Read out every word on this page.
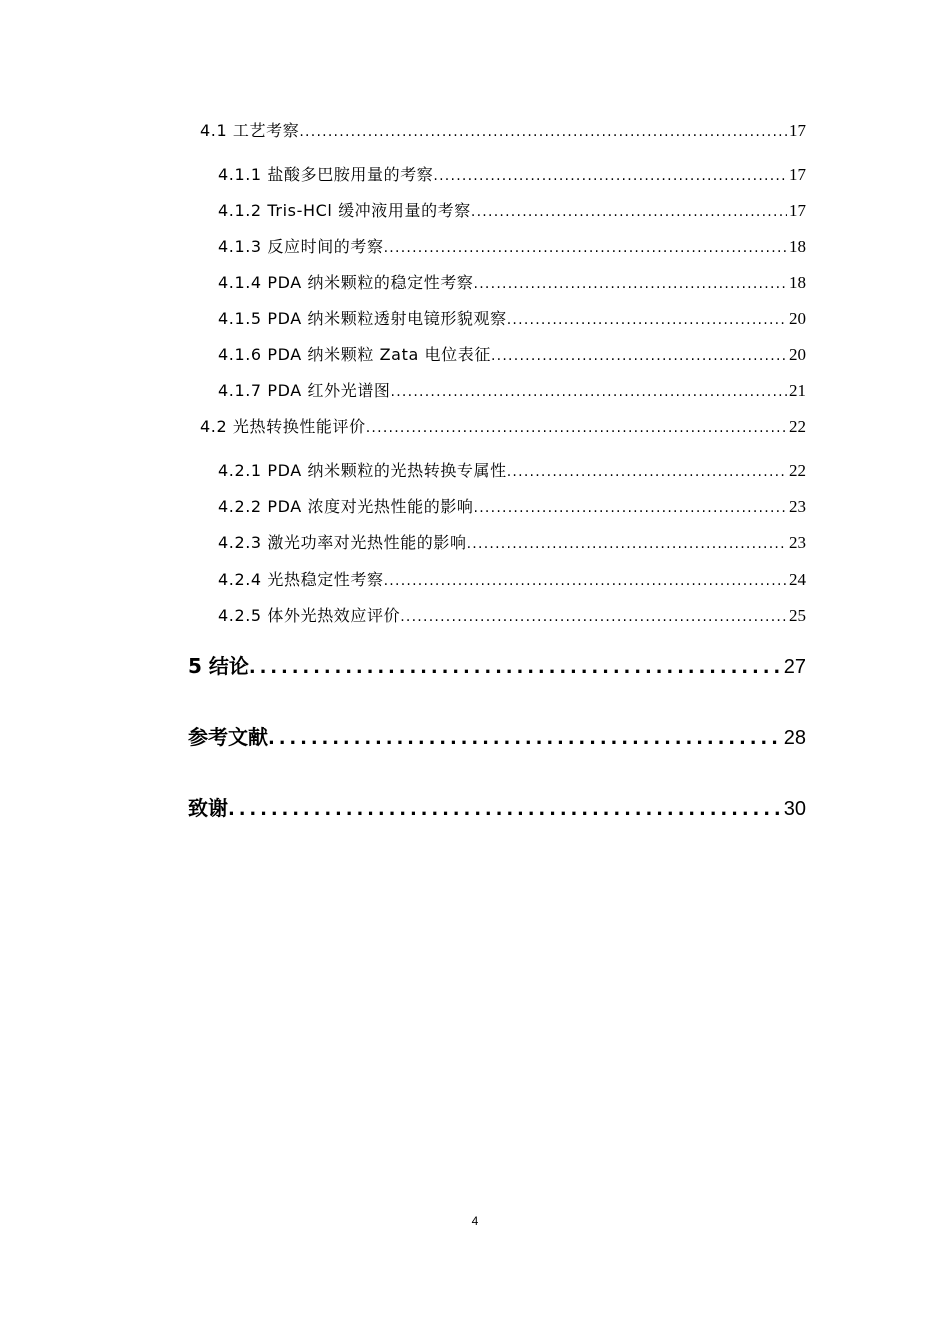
4.1 工艺考察 . . .	17
4.1.1 盐酸多巴胺用量的考察 . . .	17
4.1.2 Tris-HCl 缓冲液用量的考察 . . .	17
4.1.3 反应时间的考察 . . .	18
4.1.4 PDA 纳米颗粒的稳定性考察 . . .	18
4.1.5 PDA 纳米颗粒透射电镜形貌观察 . . .	20
4.1.6 PDA 纳米颗粒 Zata 电位表征 . . .	20
4.1.7 PDA 红外光谱图 . . .	21
4.2 光热转换性能评价 . . .	22
4.2.1 PDA 纳米颗粒的光热转换专属性 . . .	22
4.2.2 PDA 浓度对光热性能的影响 . . .	23
4.2.3 激光功率对光热性能的影响 . . .	23
4.2.4 光热稳定性考察 . . .	24
4.2.5 体外光热效应评价 . . .	25
5 结论 . . .	27
参考文献 . . .	28
致谢 . . .	30
4
